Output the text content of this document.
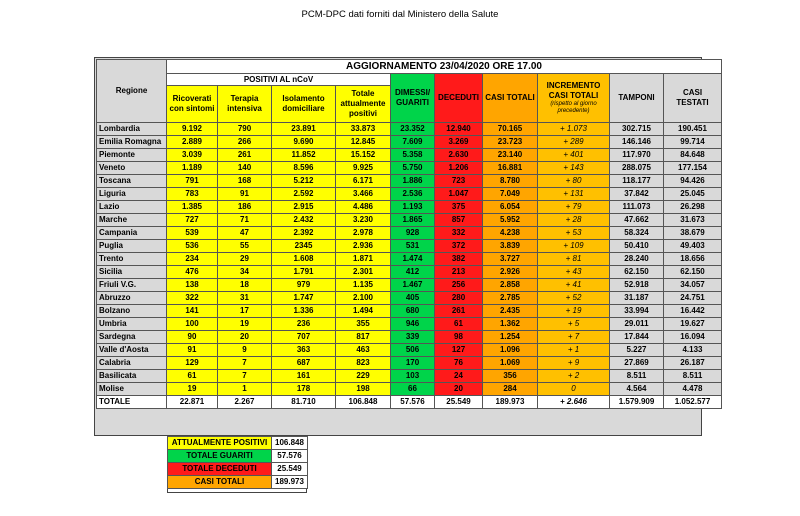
PCM-DPC dati forniti dal Ministero della Salute
Regione	AGGIORNAMENTO 23/04/2020 ORE 17.00									
	POSITIVI AL nCoV				DIMESSI/ GUARITI	DECEDUTI	CASI TOTALI	INCREMENTO CASI TOTALI
(rispetto al giorno precedente)	TAMPONI	CASI TESTATI
	Ricoverati con sintomi	Terapia intensiva	Isolamento domiciliare	Totale attualmente positivi						
Lombardia	9.192	790	23.891	33.873	23.352	12.940	70.165	+ 1.073	302.715	190.451
Emilia Romagna	2.889	266	9.690	12.845	7.609	3.269	23.723	+ 289	146.146	99.714
Piemonte	3.039	261	11.852	15.152	5.358	2.630	23.140	+ 401	117.970	84.648
Veneto	1.189	140	8.596	9.925	5.750	1.206	16.881	+ 143	288.075	177.154
Toscana	791	168	5.212	6.171	1.886	723	8.780	+ 80	118.177	94.426
Liguria	783	91	2.592	3.466	2.536	1.047	7.049	+ 131	37.842	25.045
Lazio	1.385	186	2.915	4.486	1.193	375	6.054	+ 79	111.073	26.298
Marche	727	71	2.432	3.230	1.865	857	5.952	+ 28	47.662	31.673
Campania	539	47	2.392	2.978	928	332	4.238	+ 53	58.324	38.679
Puglia	536	55	2345	2.936	531	372	3.839	+ 109	50.410	49.403
Trento	234	29	1.608	1.871	1.474	382	3.727	+ 81	28.240	18.656
Sicilia	476	34	1.791	2.301	412	213	2.926	+ 43	62.150	62.150
Friuli V.G.	138	18	979	1.135	1.467	256	2.858	+ 41	52.918	34.057
Abruzzo	322	31	1.747	2.100	405	280	2.785	+ 52	31.187	24.751
Bolzano	141	17	1.336	1.494	680	261	2.435	+ 19	33.994	16.442
Umbria	100	19	236	355	946	61	1.362	+ 5	29.011	19.627
Sardegna	90	20	707	817	339	98	1.254	+ 7	17.844	16.094
Valle d'Aosta	91	9	363	463	506	127	1.096	+ 1	5.227	4.133
Calabria	129	7	687	823	170	76	1.069	+ 9	27.869	26.187
Basilicata	61	7	161	229	103	24	356	+ 2	8.511	8.511
Molise	19	1	178	198	66	20	284	0	4.564	4.478
TOTALE	22.871	2.267	81.710	106.848	57.576	25.549	189.973	+ 2.646	1.579.909	1.052.577
ATTUALMENTE POSITIVI	106.848
TOTALE GUARITI	57.576
TOTALE DECEDUTI	25.549
CASI TOTALI	189.973
